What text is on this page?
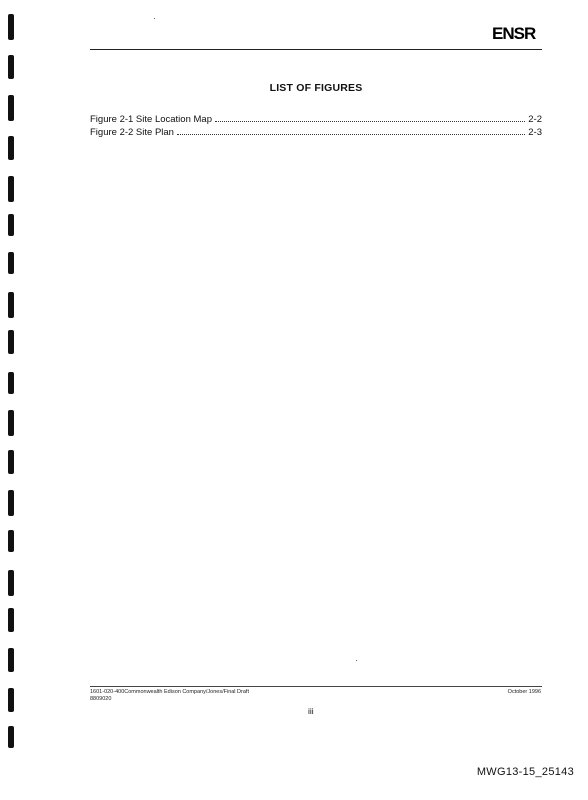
ENSR
LIST OF FIGURES
Figure 2-1 Site Location Map	2-2
Figure 2-2 Site Plan	2-3
1601-020-400Commonwealth Edison Company/Jones/Final Draft
8809020
October 1996
iii
MWG13-15_25143
